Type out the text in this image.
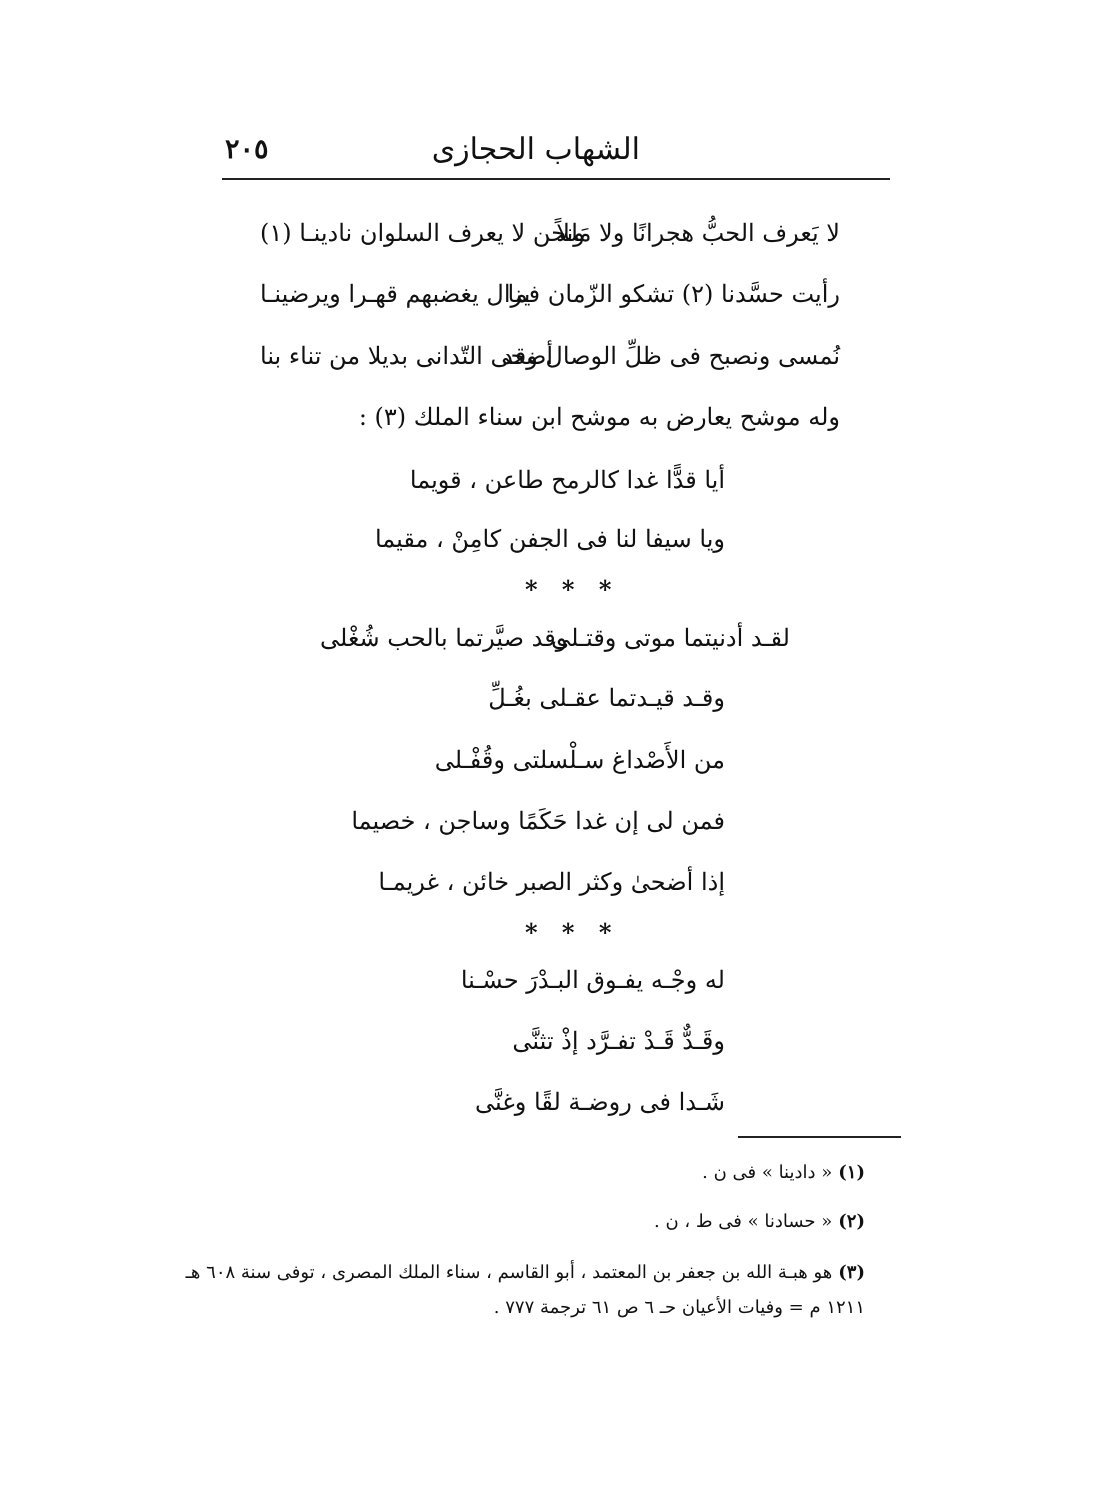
الشهاب الحجازى
٢٠٥
لا يَعرف الحبُّ هجرانًا ولا مَللاً
ونحن لا يعرف السلوان نادينـا (١)
رأيت حسَّدنا (٢) تشكو الزّمان فما
يزال يغضبهم قهـرا ويرضينـا
نُمسى ونصبح فى ظلِّ الوصال وقد
أضحى التّدانى بديلا من تناء بنا
وله موشح يعارض به موشح ابن سناء الملك (٣) :
أيا قدًّا غدا كالرمح طاعن ، قويما
ويا سيفا لنا فى الجفن كامِنْ ، مقيما
* * *
لقـد أدنيتما موتى وقتـلى
وقد صيَّرتما بالحب شُغْلى
وقـد قيـدتما عقـلى بغُـلِّ
من الأَصْداغ سـلْسلتى وقُفْـلى
فمن لى إن غدا حَكَمًا وساجن ، خصيما
إذا أضحىٰ وكثر الصبر خائن ، غريمـا
* * *
له وجْـه يفـوق البـدْرَ حسْـنا
وقَـدٌّ قَـدْ تفـرَّد إذْ تثنَّى
شَـدا فى روضـة لقًا وغنَّى
(١)« دادينا » فى ن .
(٢)« حسادنا » فى ط ، ن .
(٣)هو هبـة الله بن جعفر بن المعتمد ، أبو القاسم ، سناء الملك المصرى ، توفى سنة ٦٠٨ هـ
١٢١١ م = وفيات الأعيان حـ ٦ ص ٦١ ترجمة ٧٧٧ .
